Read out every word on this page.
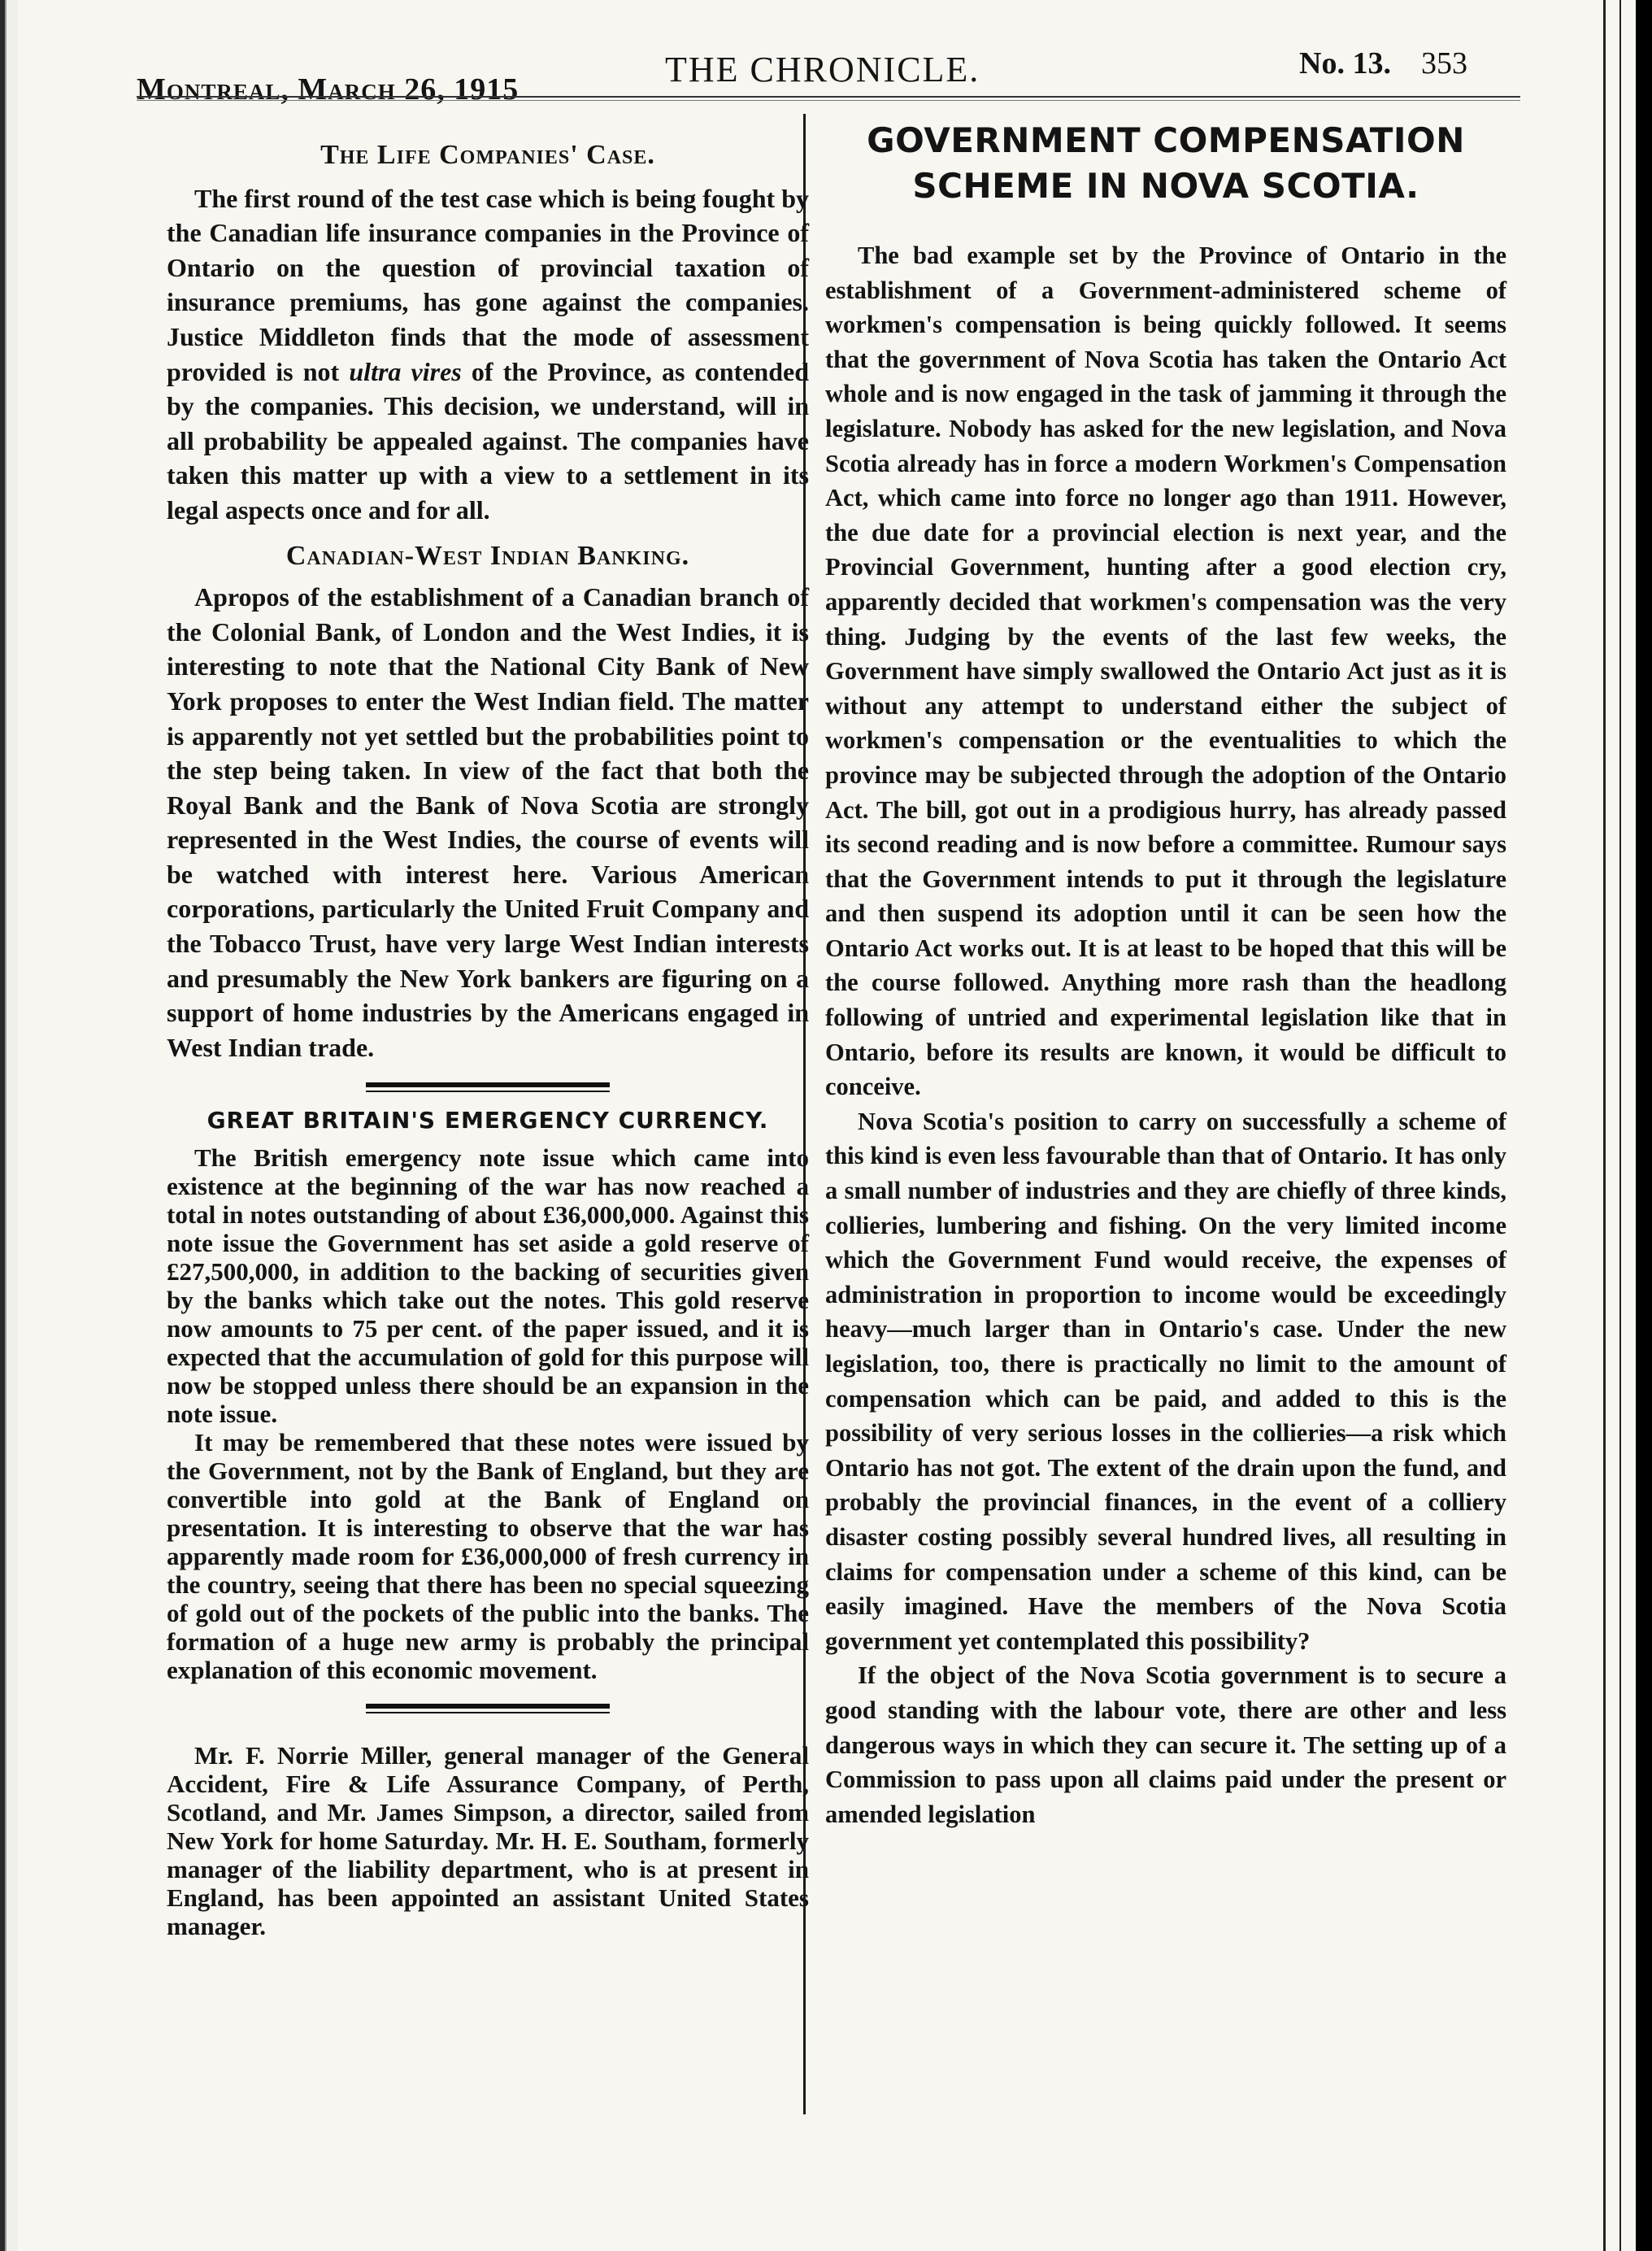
Montreal, March 26, 1915	THE CHRONICLE.	No. 13. 353
The Life Companies' Case.

The first round of the test case which is being fought by the Canadian life insurance companies in the Province of Ontario on the question of provincial taxation of insurance premiums, has gone against the companies. Justice Middleton finds that the mode of assessment provided is not ultra vires of the Province, as contended by the companies. This decision, we understand, will in all probability be appealed against. The companies have taken this matter up with a view to a settlement in its legal aspects once and for all.

Canadian-West Indian Banking.

Apropos of the establishment of a Canadian branch of the Colonial Bank, of London and the West Indies, it is interesting to note that the National City Bank of New York proposes to enter the West Indian field. The matter is apparently not yet settled but the probabilities point to the step being taken. In view of the fact that both the Royal Bank and the Bank of Nova Scotia are strongly represented in the West Indies, the course of events will be watched with interest here. Various American corporations, particularly the United Fruit Company and the Tobacco Trust, have very large West Indian interests and presumably the New York bankers are figuring on a support of home industries by the Americans engaged in West Indian trade.

GREAT BRITAIN'S EMERGENCY CURRENCY.

The British emergency note issue which came into existence at the beginning of the war has now reached a total in notes outstanding of about £36,000,000. Against this note issue the Government has set aside a gold reserve of £27,500,000, in addition to the backing of securities given by the banks which take out the notes. This gold reserve now amounts to 75 per cent. of the paper issued, and it is expected that the accumulation of gold for this purpose will now be stopped unless there should be an expansion in the note issue.

It may be remembered that these notes were issued by the Government, not by the Bank of England, but they are convertible into gold at the Bank of England on presentation. It is interesting to observe that the war has apparently made room for £36,000,000 of fresh currency in the country, seeing that there has been no special squeezing of gold out of the pockets of the public into the banks. The formation of a huge new army is probably the principal explanation of this economic movement.

Mr. F. Norrie Miller, general manager of the General Accident, Fire & Life Assurance Company, of Perth, Scotland, and Mr. James Simpson, a director, sailed from New York for home Saturday. Mr. H. E. Southam, formerly manager of the liability department, who is at present in England, has been appointed an assistant United States manager.

GOVERNMENT COMPENSATION
SCHEME IN NOVA SCOTIA.

The bad example set by the Province of Ontario in the establishment of a Government-administered scheme of workmen's compensation is being quickly followed. It seems that the government of Nova Scotia has taken the Ontario Act whole and is now engaged in the task of jamming it through the legislature. Nobody has asked for the new legislation, and Nova Scotia already has in force a modern Workmen's Compensation Act, which came into force no longer ago than 1911. However, the due date for a provincial election is next year, and the Provincial Government, hunting after a good election cry, apparently decided that workmen's compensation was the very thing. Judging by the events of the last few weeks, the Government have simply swallowed the Ontario Act just as it is without any attempt to understand either the subject of workmen's compensation or the eventualities to which the province may be subjected through the adoption of the Ontario Act. The bill, got out in a prodigious hurry, has already passed its second reading and is now before a committee. Rumour says that the Government intends to put it through the legislature and then suspend its adoption until it can be seen how the Ontario Act works out. It is at least to be hoped that this will be the course followed. Anything more rash than the headlong following of untried and experimental legislation like that in Ontario, before its results are known, it would be difficult to conceive.

Nova Scotia's position to carry on successfully a scheme of this kind is even less favourable than that of Ontario. It has only a small number of industries and they are chiefly of three kinds, collieries, lumbering and fishing. On the very limited income which the Government Fund would receive, the expenses of administration in proportion to income would be exceedingly heavy—much larger than in Ontario's case. Under the new legislation, too, there is practically no limit to the amount of compensation which can be paid, and added to this is the possibility of very serious losses in the collieries—a risk which Ontario has not got. The extent of the drain upon the fund, and probably the provincial finances, in the event of a colliery disaster costing possibly several hundred lives, all resulting in claims for compensation under a scheme of this kind, can be easily imagined. Have the members of the Nova Scotia government yet contemplated this possibility?

If the object of the Nova Scotia government is to secure a good standing with the labour vote, there are other and less dangerous ways in which they can secure it. The setting up of a Commission to pass upon all claims paid under the present or amended legislation
